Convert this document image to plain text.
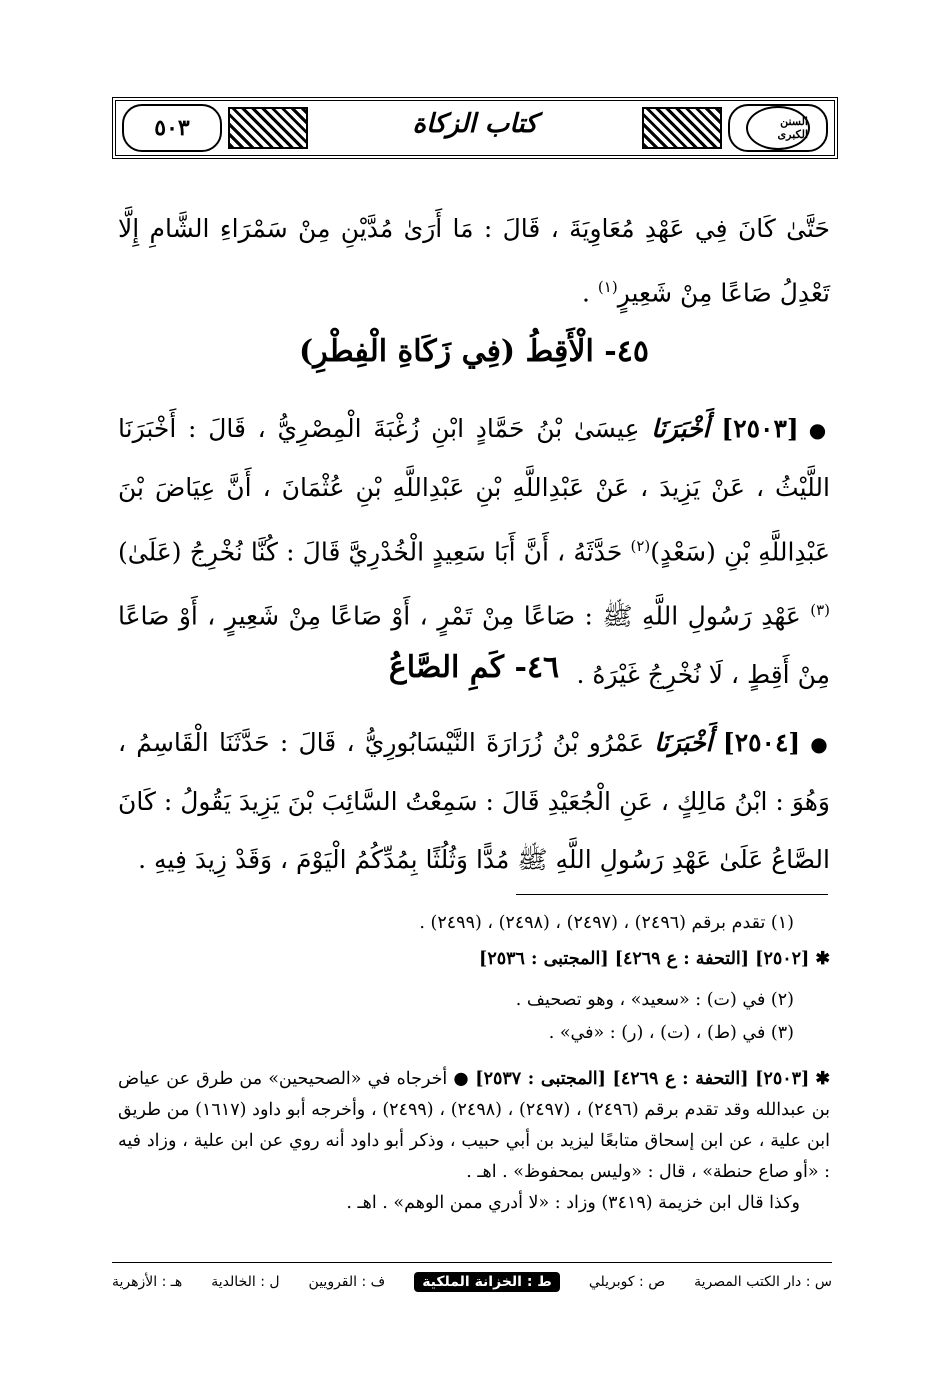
السنن الكبرى
كتاب الزكاة
٥٠٣
حَتَّىٰ كَانَ فِي عَهْدِ مُعَاوِيَةَ ، قَالَ : مَا أَرَىٰ مُدَّيْنِ مِنْ سَمْرَاءِ الشَّامِ إِلَّا تَعْدِلُ صَاعًا مِنْ شَعِيرٍ$^{(١)}$ .
٤٥- الْأَقِطُ (فِي زَكَاةِ الْفِطْرِ)
●[٢٥٠٣] أَخْبَرَنَا عِيسَىٰ بْنُ حَمَّادٍ ابْنِ زُغْبَةَ الْمِصْرِيُّ ، قَالَ : أَخْبَرَنَا اللَّيْثُ ، عَنْ يَزِيدَ ، عَنْ عَبْدِاللَّهِ بْنِ عَبْدِاللَّهِ بْنِ عُثْمَانَ ، أَنَّ عِيَاضَ بْنَ عَبْدِاللَّهِ بْنِ (سَعْدٍ)$^{(٢)}$ حَدَّثَهُ ، أَنَّ أَبَا سَعِيدٍ الْخُدْرِيَّ قَالَ : كُنَّا نُخْرِجُ (عَلَىٰ)$^{(٣)}$ عَهْدِ رَسُولِ اللَّهِ ﷺ : صَاعًا مِنْ تَمْرٍ ، أَوْ صَاعًا مِنْ شَعِيرٍ ، أَوْ صَاعًا مِنْ أَقِطٍ ، لَا نُخْرِجُ غَيْرَهُ .
٤٦- كَمِ الصَّاعُ
●[٢٥٠٤] أَخْبَرَنَا عَمْرُو بْنُ زُرَارَةَ النَّيْسَابُورِيُّ ، قَالَ : حَدَّثَنَا الْقَاسِمُ ، وَهُوَ : ابْنُ مَالِكٍ ، عَنِ الْجُعَيْدِ قَالَ : سَمِعْتُ السَّائِبَ بْنَ يَزِيدَ يَقُولُ : كَانَ الصَّاعُ عَلَىٰ عَهْدِ رَسُولِ اللَّهِ ﷺ مُدًّا وَثُلُثًا بِمُدِّكُمُ الْيَوْمَ ، وَقَدْ زِيدَ فِيهِ .
(١) تقدم برقم (٢٤٩٦) ، (٢٤٩٧) ، (٢٤٩٨) ، (٢٤٩٩) .
✱[٢٥٠٢] [التحفة : ع ٤٢٦٩] [المجتبى : ٢٥٣٦]
(٢) في (ت) : «سعيد» ، وهو تصحيف .
(٣) في (ط) ، (ت) ، (ر) : «في» .
✱[٢٥٠٣] [التحفة : ع ٤٢٦٩] [المجتبى : ٢٥٣٧] ● أخرجاه في «الصحيحين» من طرق عن عياض بن عبدالله وقد تقدم برقم (٢٤٩٦) ، (٢٤٩٧) ، (٢٤٩٨) ، (٢٤٩٩) ، وأخرجه أبو داود (١٦١٧) من طريق ابن علية ، عن ابن إسحاق متابعًا ليزيد بن أبي حبيب ، وذكر أبو داود أنه روي عن ابن علية ، وزاد فيه : «أو صاع حنطة» ، قال : «وليس بمحفوظ» . اهـ .
وكذا قال ابن خزيمة (٣٤١٩) وزاد : «لا أدري ممن الوهم» . اهـ .
س : دار الكتب المصرية
ص : كوبريلي
ط : الخزانة الملكية
ف : القرويين
ل : الخالدية
هـ : الأزهرية
